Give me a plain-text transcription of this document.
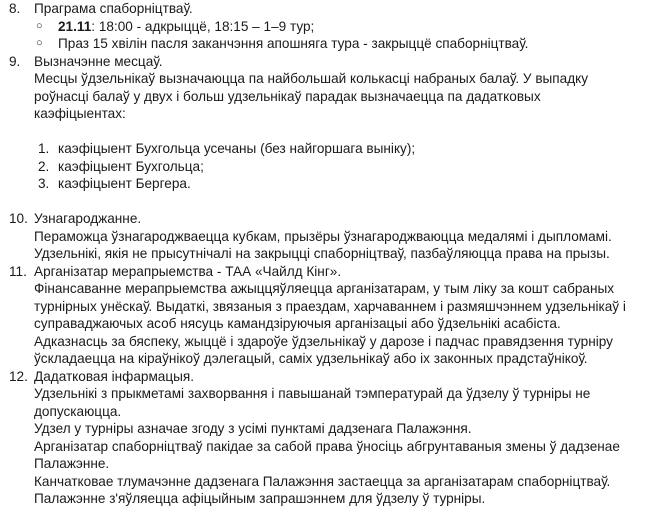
8. Праграма спаборніцтваў.

○ 21.11: 18:00 - адкрыццё, 18:15 – 1–9 тур;

○ Праз 15 хвілін пасля заканчэння апошняга тура - закрыццё спаборніцтваў.

9. Вызначэнне месцаў.

Месцы ўдзельнікаў вызначаюцца па найбольшай колькасці набраных балаў. У выпадку роўнасці балаў у двух і больш удзельнікаў парадак вызначаецца па дадатковых каэфіцыентах:

1. каэфіцыент Бухгольца усечаны (без найгоршага выніку);

2. каэфіцыент Бухгольца;

3. каэфіцыент Бергера.

10. Узнагароджанне.

Пераможца ўзнагароджваецца кубкам, прызёры ўзнагароджваюцца медалямі і дыпломамі.

Удзельнікі, якія не прысутнічалі на закрыцці спаборніцтваў, пазбаўляюцца права на прызы.

11. Арганізатар мерапрыемства - ТАА «Чайлд Кінг».

Фінансаванне мерапрыемства ажыццяўляецца арганізатарам, у тым ліку за кошт сабраных турнірных унёскаў. Выдаткі, звязаныя з праездам, харчаваннем і размяшчэннем удзельнікаў і суправаджаючых асоб нясуць камандзіруючыя арганізацыі або ўдзельнікі асабіста.

Адказнасць за бяспеку, жыццё і здароўе ўдзельнікаў у дарозе і падчас правядзення турніру ўскладаецца на кіраўнікоў дэлегацый, саміх удзельнікаў або іх законных прадстаўнікоў.

12. Дадатковая інфармацыя.

Удзельнікі з прыкметамі захворвання і павышанай тэмпературай да ўдзелу ў турніры не допускаюцца.

Удзел у турніры азначае згоду з усімі пунктамі дадзенага Палажэння.

Арганізатар спаборніцтваў пакідае за сабой права ўносіць абгрунтаваныя змены ў дадзенае Палажэнне.

Канчатковае тлумачэнне дадзенага Палажэння застаецца за арганізатарам спаборніцтваў.

Палажэнне з'яўляецца афіцыйным запрашэннем для ўдзелу ў турніры.
